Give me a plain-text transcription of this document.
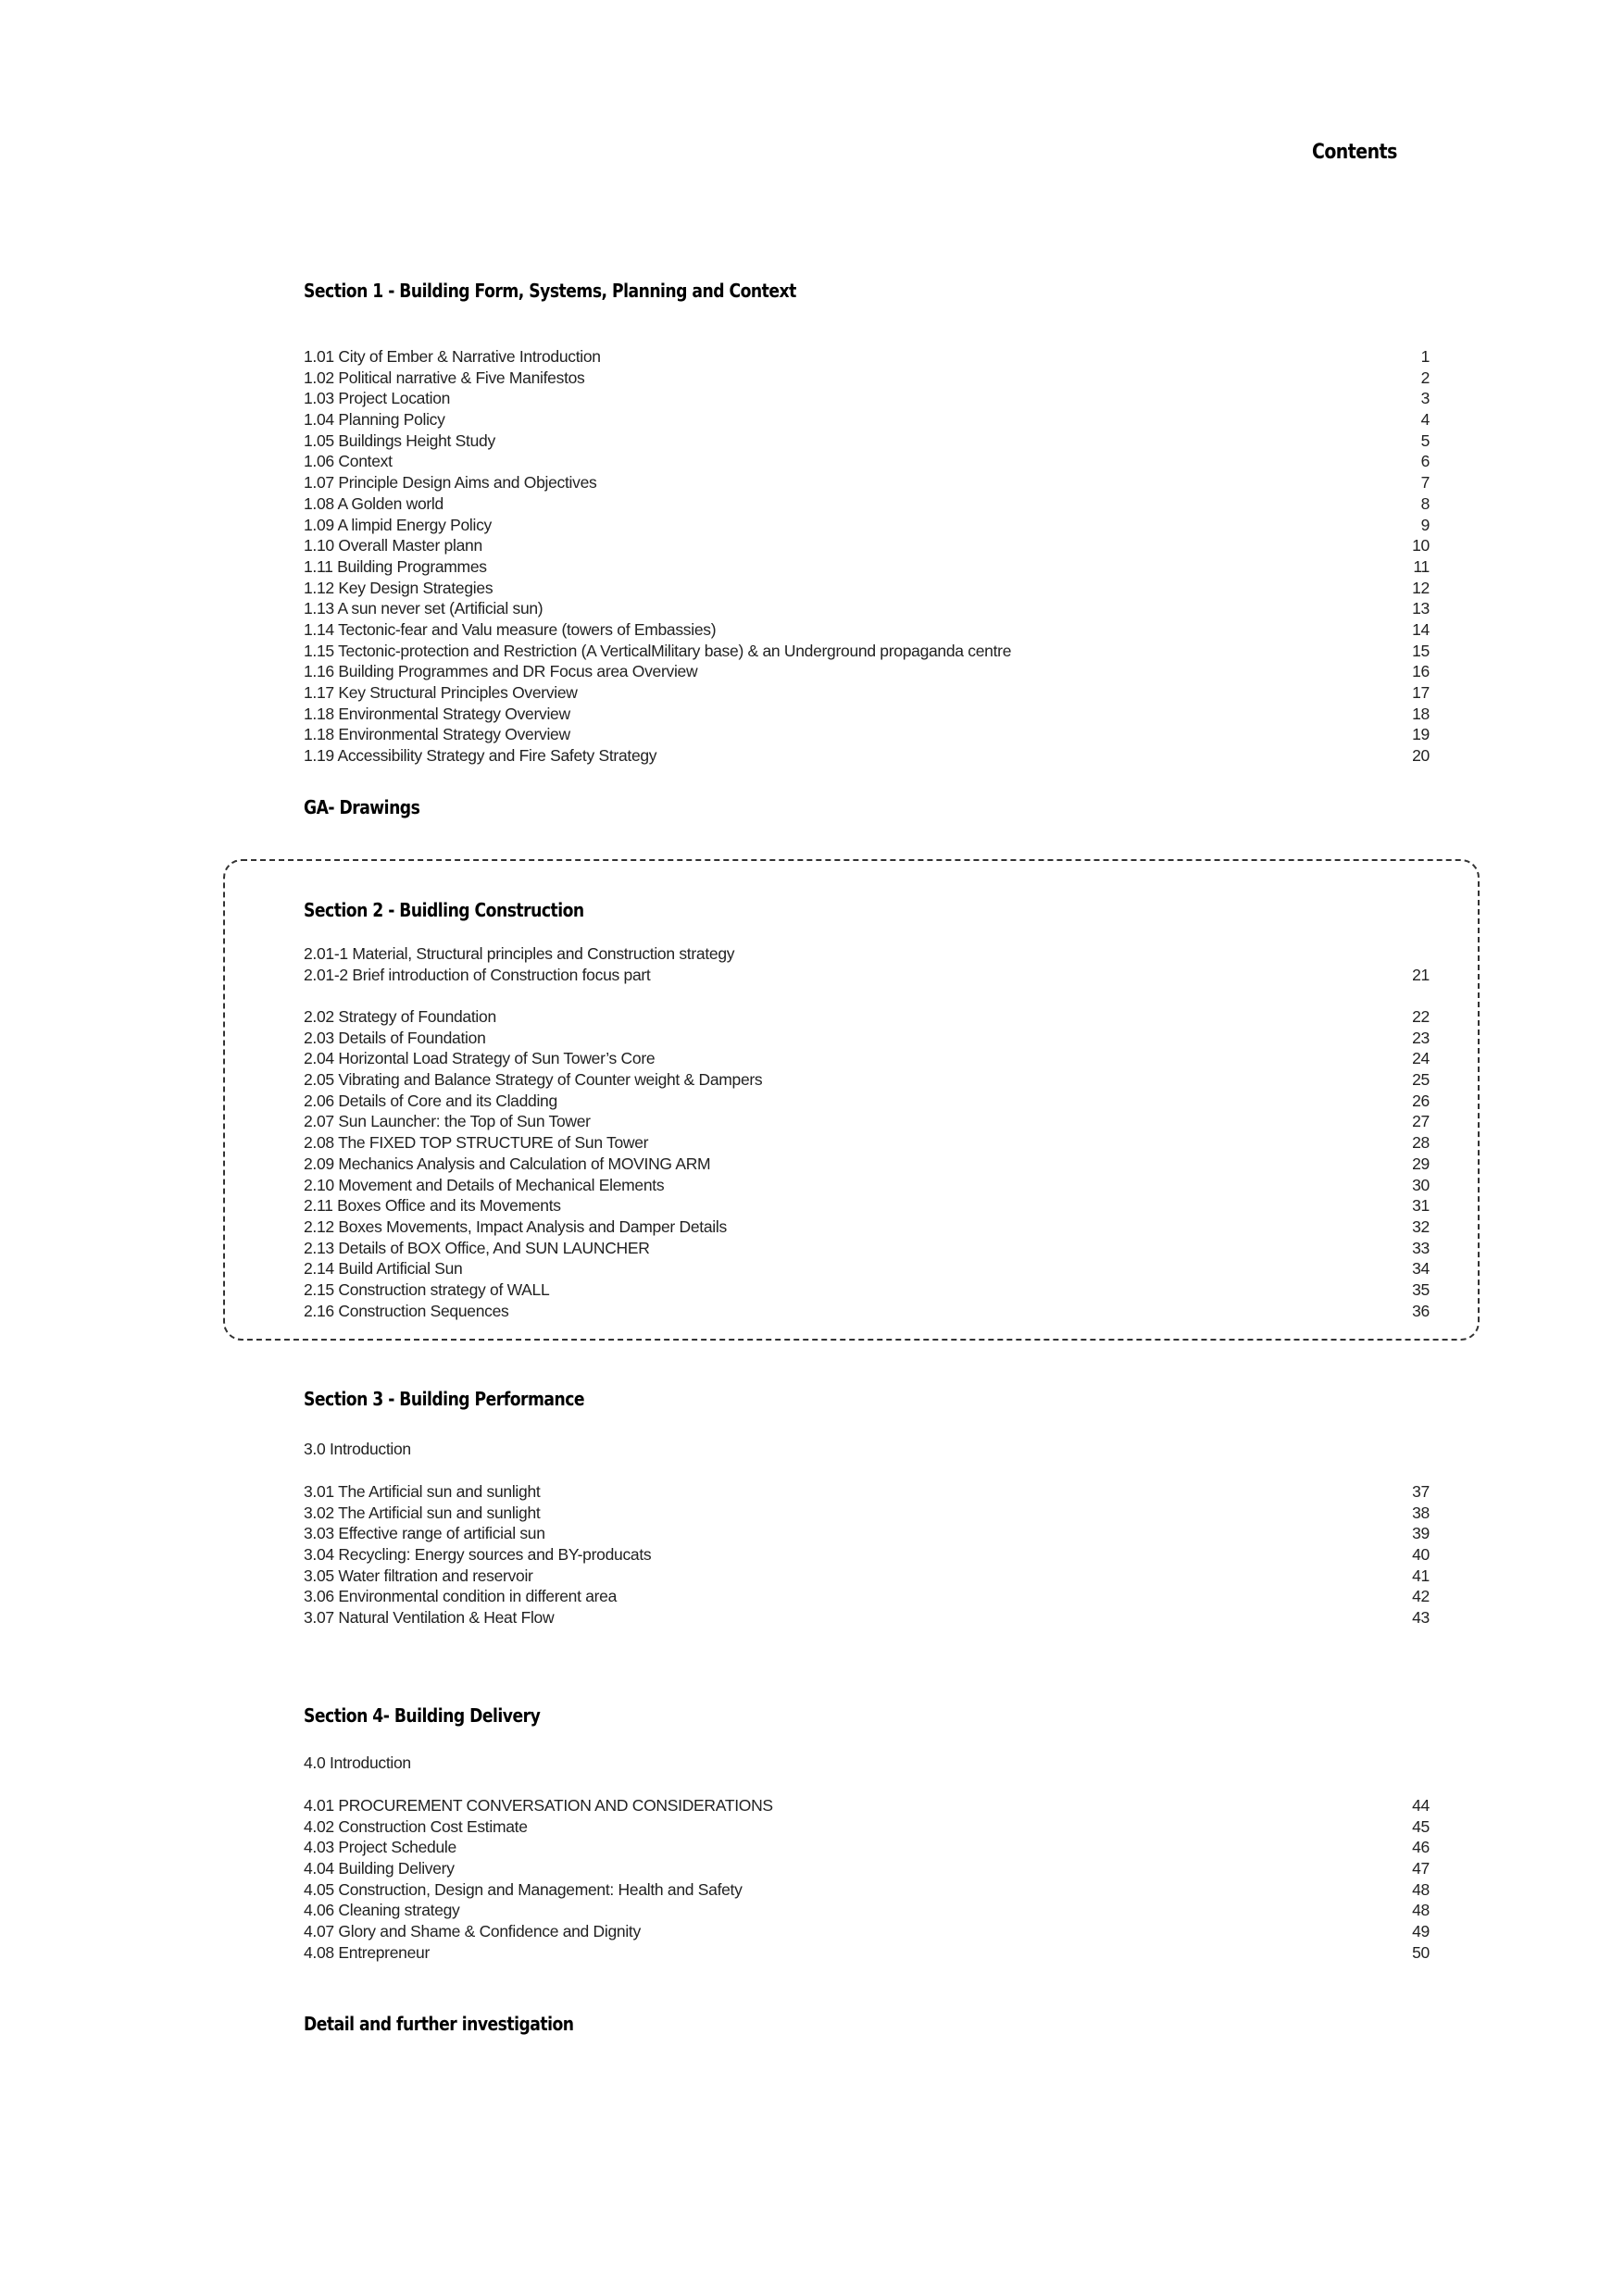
Contents
Section 1 - Building Form, Systems, Planning and Context
1.01 City of Ember & Narrative Introduction	1
1.02 Political narrative & Five Manifestos	2
1.03 Project Location	3
1.04 Planning Policy	4
1.05 Buildings Height Study	5
1.06 Context	6
1.07 Principle Design Aims and Objectives	7
1.08 A Golden world	8
1.09 A limpid Energy Policy	9
1.10 Overall Master plann	10
1.11 Building Programmes	11
1.12 Key Design Strategies	12
1.13 A sun never set (Artificial sun)	13
1.14 Tectonic-fear and Valu measure (towers of Embassies)	14
1.15 Tectonic-protection and Restriction (A VerticalMilitary base) & an Underground propaganda centre	15
1.16 Building Programmes and DR Focus area Overview	16
1.17 Key Structural Principles Overview	17
1.18 Environmental Strategy Overview	18
1.18 Environmental Strategy Overview	19
1.19 Accessibility Strategy and Fire Safety Strategy	20
GA- Drawings
Section 2 - Buidling Construction
2.01-1 Material, Structural principles and Construction strategy
2.01-2 Brief introduction of Construction focus part	21
2.02 Strategy of Foundation	22
2.03 Details of Foundation	23
2.04 Horizontal Load Strategy of Sun Tower’s Core	24
2.05 Vibrating and Balance Strategy of Counter weight & Dampers	25
2.06 Details of Core and its Cladding	26
2.07 Sun Launcher: the Top of Sun Tower	27
2.08 The FIXED TOP STRUCTURE of Sun Tower	28
2.09 Mechanics Analysis and Calculation of MOVING ARM	29
2.10 Movement and Details of Mechanical Elements	30
2.11 Boxes Office and its Movements	31
2.12 Boxes Movements, Impact Analysis and Damper Details	32
2.13 Details of BOX Office, And SUN LAUNCHER	33
2.14 Build Artificial Sun	34
2.15 Construction strategy of WALL	35
2.16 Construction Sequences	36
Section 3 - Building Performance
3.0 Introduction
3.01 The Artificial sun and sunlight	37
3.02 The Artificial sun and sunlight	38
3.03 Effective range of artificial sun	39
3.04 Recycling: Energy sources and BY-producats	40
3.05 Water filtration and reservoir	41
3.06 Environmental condition in different area	42
3.07 Natural Ventilation & Heat Flow	43
Section 4- Building Delivery
4.0 Introduction
4.01 PROCUREMENT CONVERSATION AND CONSIDERATIONS	44
4.02 Construction Cost Estimate	45
4.03 Project Schedule	46
4.04 Building Delivery	47
4.05 Construction, Design and Management: Health and Safety	48
4.06 Cleaning strategy	48
4.07 Glory and Shame & Confidence and Dignity	49
4.08 Entrepreneur	50
Detail and further investigation
